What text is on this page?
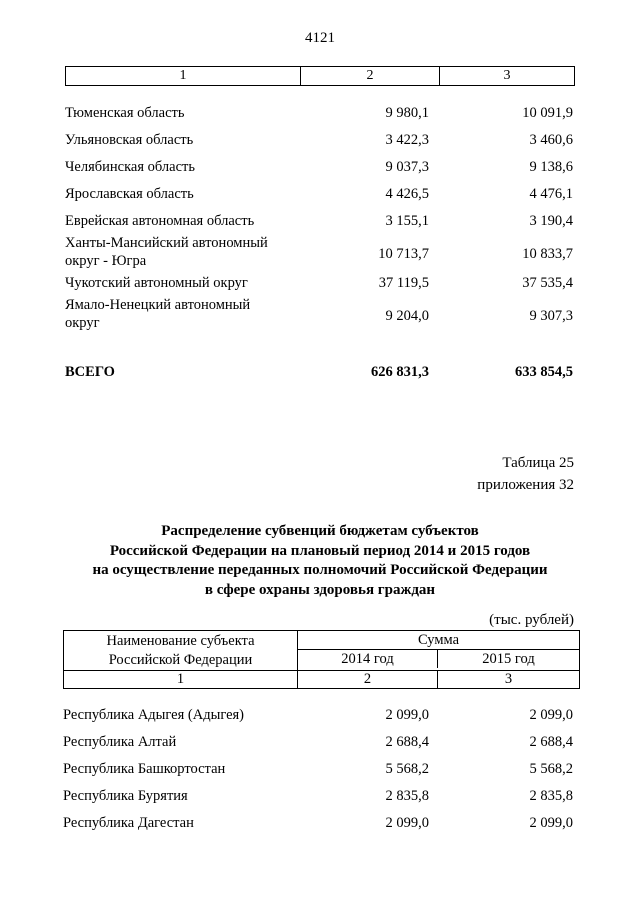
4121
1	2	3
Тюменская область	9 980,1	10 091,9
Ульяновская область	3 422,3	3 460,6
Челябинская область	9 037,3	9 138,6
Ярославская область	4 426,5	4 476,1
Еврейская автономная область	3 155,1	3 190,4
Ханты-Мансийский автономный
округ - Югра	10 713,7	10 833,7
Чукотский автономный округ	37 119,5	37 535,4
Ямало-Ненецкий автономный
округ	9 204,0	9 307,3
ВСЕГО	626 831,3	633 854,5
Таблица 25
приложения 32
Распределение субвенций бюджетам субъектов
Российской Федерации на плановый период 2014 и 2015 годов
на осуществление переданных полномочий Российской Федерации
в сфере охраны здоровья граждан
(тыс. рублей)
Наименование субъекта
Российской Федерации
Сумма
2014 год	2015 год
1	2	3
Республика Адыгея (Адыгея)	2 099,0	2 099,0
Республика Алтай	2 688,4	2 688,4
Республика Башкортостан	5 568,2	5 568,2
Республика Бурятия	2 835,8	2 835,8
Республика Дагестан	2 099,0	2 099,0
